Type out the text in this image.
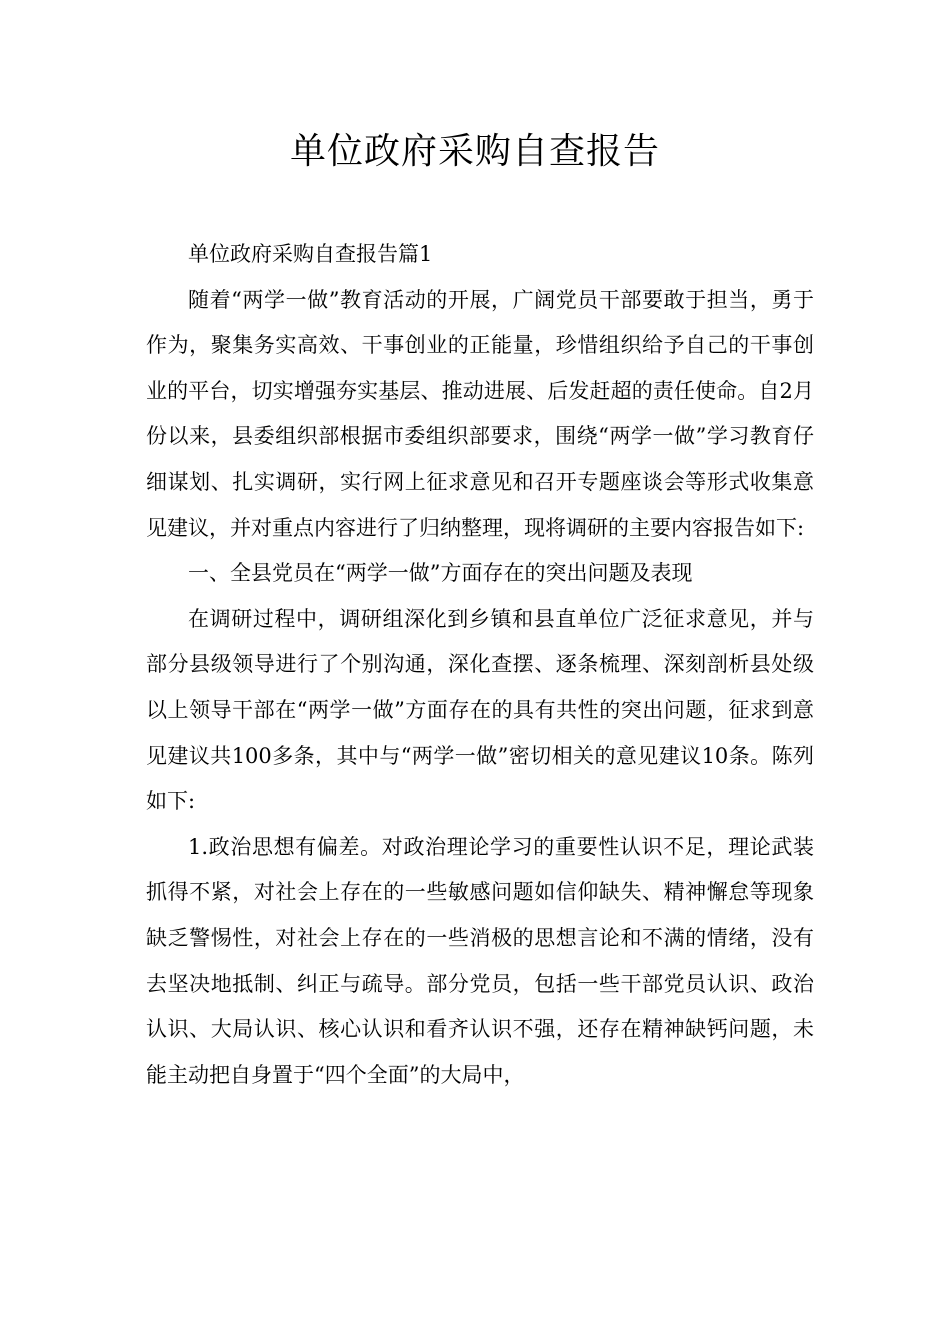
单位政府采购自查报告

单位政府采购自查报告篇1

随着“两学一做”教育活动的开展，广阔党员干部要敢于担当，勇于作为，聚集务实高效、干事创业的正能量，珍惜组织给予自己的干事创业的平台，切实增强夯实基层、推动进展、后发赶超的责任使命。自2月份以来，县委组织部根据市委组织部要求，围绕“两学一做”学习教育仔细谋划、扎实调研，实行网上征求意见和召开专题座谈会等形式收集意见建议，并对重点内容进行了归纳整理，现将调研的主要内容报告如下:

一、全县党员在“两学一做”方面存在的突出问题及表现

在调研过程中，调研组深化到乡镇和县直单位广泛征求意见，并与部分县级领导进行了个别沟通，深化查摆、逐条梳理、深刻剖析县处级以上领导干部在“两学一做”方面存在的具有共性的突出问题，征求到意见建议共100多条，其中与“两学一做”密切相关的意见建议10条。陈列如下:

1.政治思想有偏差。对政治理论学习的重要性认识不足，理论武装抓得不紧，对社会上存在的一些敏感问题如信仰缺失、精神懈怠等现象缺乏警惕性，对社会上存在的一些消极的思想言论和不满的情绪，没有去坚决地抵制、纠正与疏导。部分党员，包括一些干部党员认识、政治认识、大局认识、核心认识和看齐认识不强，还存在精神缺钙问题，未能主动把自身置于“四个全面”的大局中，
